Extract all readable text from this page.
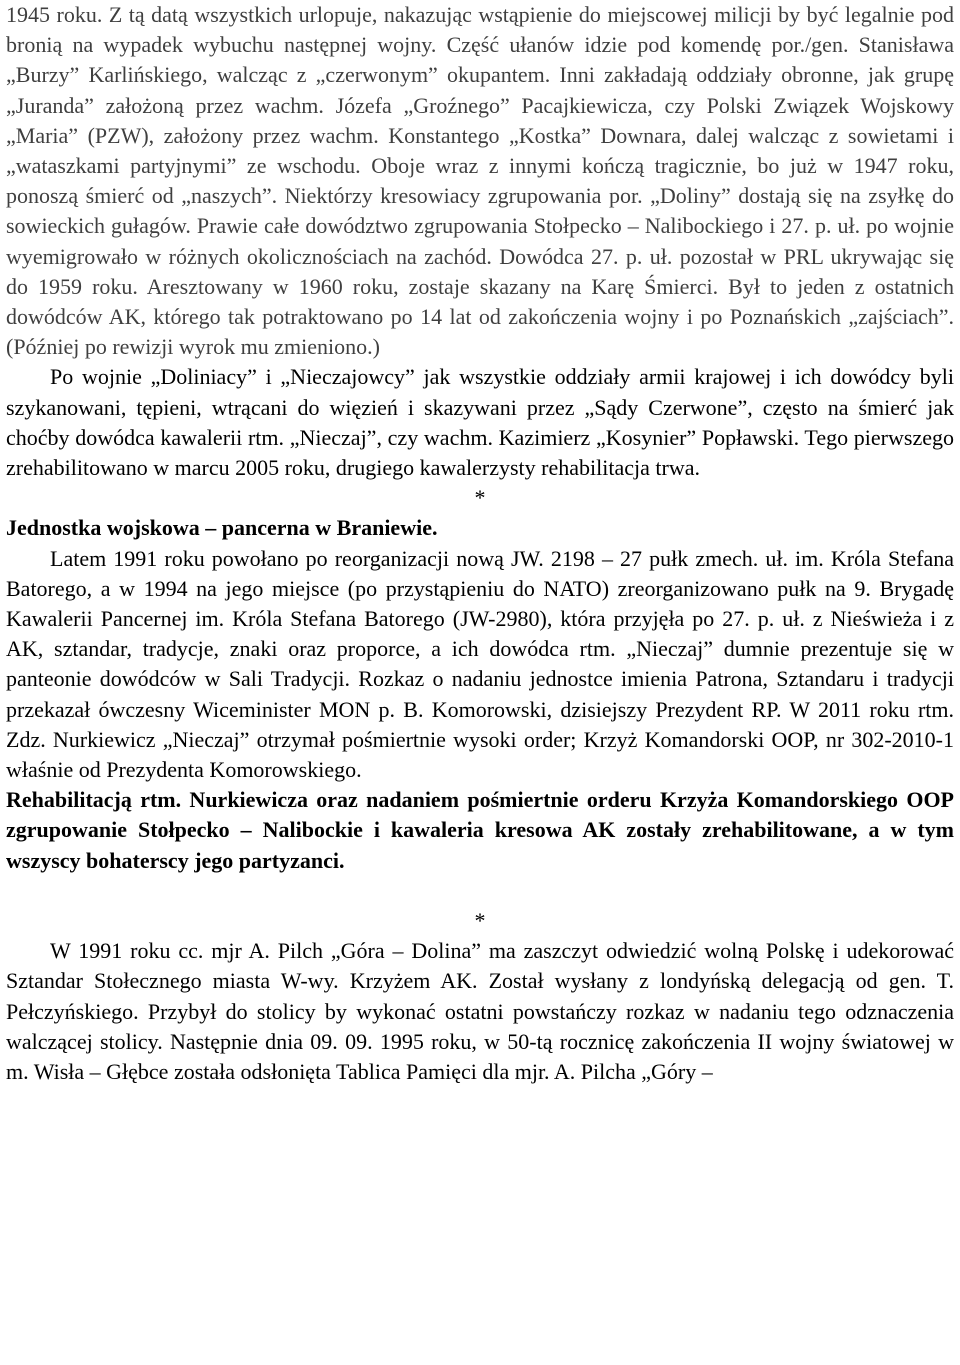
1945 roku. Z tą datą wszystkich urlopuje, nakazując wstąpienie do miejscowej milicji by być legalnie pod bronią na wypadek wybuchu następnej wojny. Część ułanów idzie pod komendę por./gen. Stanisława „Burzy” Karlińskiego, walcząc z „czerwonym” okupantem. Inni zakładają oddziały obronne, jak grupę „Juranda” założoną przez wachm. Józefa „Groźnego” Pacajkiewicza, czy Polski Związek Wojskowy „Maria” (PZW), założony przez wachm. Konstantego „Kostka” Downara, dalej walcząc z sowietami i „wataszkami partyjnymi” ze wschodu. Oboje wraz z innymi kończą tragicznie, bo już w 1947 roku, ponoszą śmierć od „naszych”. Niektórzy kresowiacy zgrupowania por. „Doliny” dostają się na zsyłkę do sowieckich gułagów. Prawie całe dowództwo zgrupowania Stołpecko – Nalibockiego i 27. p. uł. po wojnie wyemigrowało w różnych okolicznościach na zachód. Dowódca 27. p. uł. pozostał w PRL ukrywając się do 1959 roku. Aresztowany w 1960 roku, zostaje skazany na Karę Śmierci. Był to jeden z ostatnich dowódców AK, którego tak potraktowano po 14 lat od zakończenia wojny i po Poznańskich „zajściach”. (Później po rewizji wyrok mu zmieniono.)

Po wojnie „Doliniacy” i „Nieczajowcy” jak wszystkie oddziały armii krajowej i ich dowódcy byli szykanowani, tępieni, wtrącani do więzień i skazywani przez „Sądy Czerwone”, często na śmierć jak choćby dowódca kawalerii rtm. „Nieczaj”, czy wachm. Kazimierz „Kosynier” Popławski. Tego pierwszego zrehabilitowano w marcu 2005 roku, drugiego kawalerzysty rehabilitacja trwa.

*

Jednostka wojskowa – pancerna w Braniewie.

Latem 1991 roku powołano po reorganizacji nową JW. 2198 – 27 pułk zmech. uł. im. Króla Stefana Batorego, a w 1994 na jego miejsce (po przystąpieniu do NATO) zreorganizowano pułk na 9. Brygadę Kawalerii Pancernej im. Króla Stefana Batorego (JW-2980), która przyjęła po 27. p. uł. z Nieświeża i z AK, sztandar, tradycje, znaki oraz proporce, a ich dowódca rtm. „Nieczaj” dumnie prezentuje się w panteonie dowódców w Sali Tradycji. Rozkaz o nadaniu jednostce imienia Patrona, Sztandaru i tradycji przekazał ówczesny Wiceminister MON p. B. Komorowski, dzisiejszy Prezydent RP. W 2011 roku rtm. Zdz. Nurkiewicz „Nieczaj” otrzymał pośmiertnie wysoki order; Krzyż Komandorski OOP, nr 302-2010-1 właśnie od Prezydenta Komorowskiego.

Rehabilitacją rtm. Nurkiewicza oraz nadaniem pośmiertnie orderu Krzyża Komandorskiego OOP zgrupowanie Stołpecko – Nalibockie i kawaleria kresowa AK zostały zrehabilitowane, a w tym wszyscy bohaterscy jego partyzanci.

*

W 1991 roku cc. mjr A. Pilch „Góra – Dolina” ma zaszczyt odwiedzić wolną Polskę i udekorować Sztandar Stołecznego miasta W-wy. Krzyżem AK. Został wysłany z londyńską delegacją od gen. T. Pełczyńskiego. Przybył do stolicy by wykonać ostatni powstańczy rozkaz w nadaniu tego odznaczenia walczącej stolicy. Następnie dnia 09. 09. 1995 roku, w 50-tą rocznicę zakończenia II wojny światowej w m. Wisła – Głębce została odsłonięta Tablica Pamięci dla mjr. A. Pilcha „Góry –
